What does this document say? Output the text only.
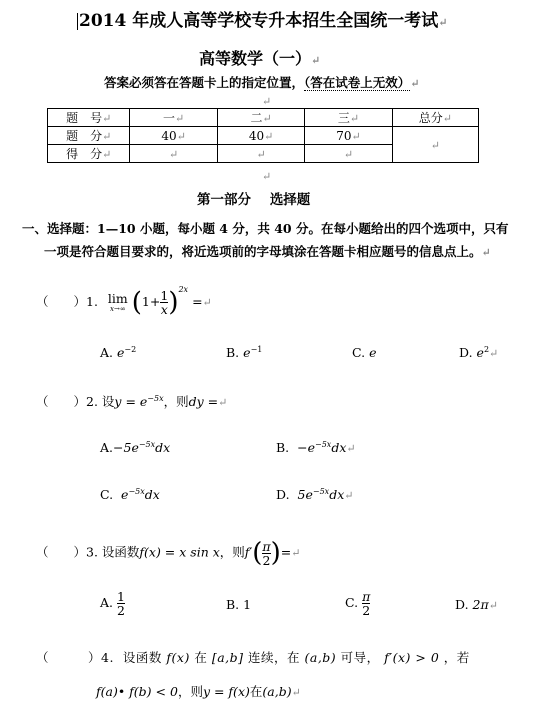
2014 年成人高等学校专升本招生全国统一考试↵
高等数学（一）↵
答案必须答在答题卡上的指定位置，（答在试卷上无效）↵
↵
题　号↵	一↵	二↵	三↵	总分↵
题　分↵	40↵	40↵	70↵	↵
得　分↵	↵	↵	↵	
↵
第一部分 选择题
一、选择题：1—10 小题，每小题 4 分，共 40 分。在每小题给出的四个选项中，只有
一项是符合题目要求的，将近选项前的字母填涂在答题卡相应题号的信息点上。↵
（　　）1. lim
x→∞ $(1+ \frac{1}{x} )^{2x}$ =↵
A. $e^{-2}$	B. $e^{-1}$	C. e	D. $e^2↵$
（　　）2. 设$y = e^{-5x}$，则dy =↵
$A.-5e^{-5x}dx$	B. $-e^{-5x}dx↵$
C. $e^{-5x}dx$	D. $5e^{-5x}dx↵$
（　　）3. 设函数f(x) = x sin x，则$f'( \frac{\pi}{2}$ )=↵
A. $\frac{1}{2}$	B. 1	C. $\frac{\pi}{2}$	D. 2π↵
（　　　）4. 设函数 f(x) 在 [a,b] 连续，在 (a,b) 可导， f′(x) > 0 ，若
f(a)• f(b) < 0，则y = f(x)在(a,b)↵
